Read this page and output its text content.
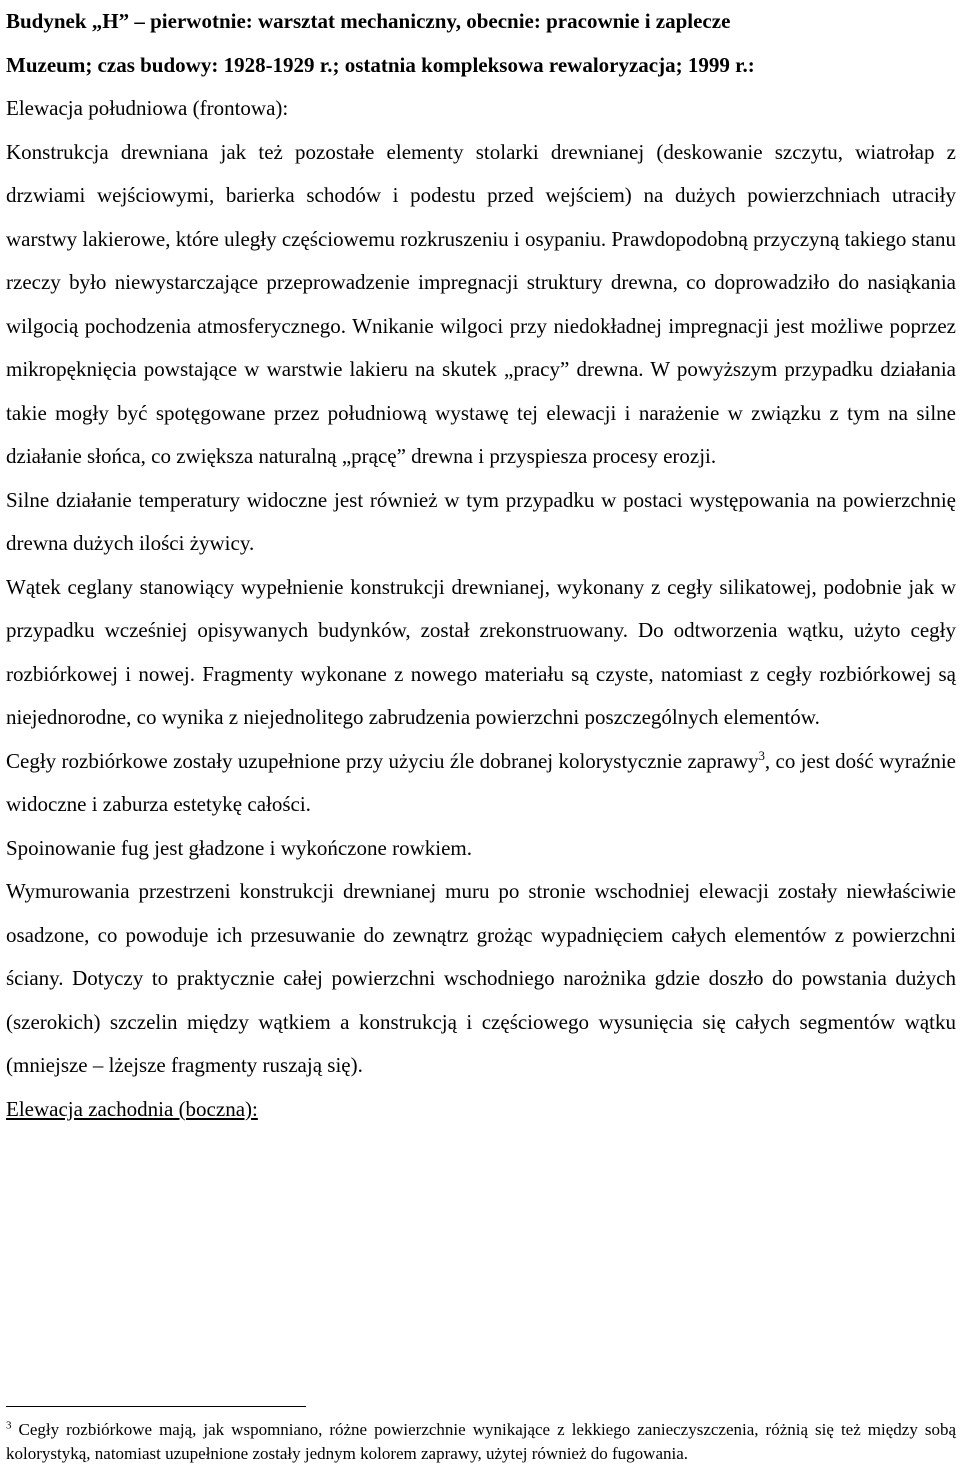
Budynek „H” – pierwotnie: warsztat mechaniczny, obecnie: pracownie i zaplecze
Muzeum; czas budowy: 1928-1929 r.; ostatnia kompleksowa rewaloryzacja; 1999 r.:

Elewacja południowa (frontowa):

Konstrukcja drewniana jak też pozostałe elementy stolarki drewnianej (deskowanie szczytu, wiatrołap z drzwiami wejściowymi, barierka schodów i podestu przed wejściem) na dużych powierzchniach utraciły warstwy lakierowe, które uległy częściowemu rozkruszeniu i osypaniu. Prawdopodobną przyczyną takiego stanu rzeczy było niewystarczające przeprowadzenie impregnacji struktury drewna, co doprowadziło do nasiąkania wilgocią pochodzenia atmosferycznego. Wnikanie wilgoci przy niedokładnej impregnacji jest możliwe poprzez mikropęknięcia powstające w warstwie lakieru na skutek „pracy” drewna. W powyższym przypadku działania takie mogły być spotęgowane przez południową wystawę tej elewacji i narażenie w związku z tym na silne działanie słońca, co zwiększa naturalną „prącę” drewna i przyspiesza procesy erozji.

Silne działanie temperatury widoczne jest również w tym przypadku w postaci występowania na powierzchnię drewna dużych ilości żywicy.

Wątek ceglany stanowiący wypełnienie konstrukcji drewnianej, wykonany z cegły silikatowej, podobnie jak w przypadku wcześniej opisywanych budynków, został zrekonstruowany. Do odtworzenia wątku, użyto cegły rozbiórkowej i nowej. Fragmenty wykonane z nowego materiału są czyste, natomiast z cegły rozbiórkowej są niejednorodne, co wynika z niejednolitego zabrudzenia powierzchni poszczególnych elementów.

Cegły rozbiórkowe zostały uzupełnione przy użyciu źle dobranej kolorystycznie zaprawy$^3$, co jest dość wyraźnie widoczne i zaburza estetykę całości.

Spoinowanie fug jest gładzone i wykończone rowkiem.

Wymurowania przestrzeni konstrukcji drewnianej muru po stronie wschodniej elewacji zostały niewłaściwie osadzone, co powoduje ich przesuwanie do zewnątrz grożąc wypadnięciem całych elementów z powierzchni ściany. Dotyczy to praktycznie całej powierzchni wschodniego narożnika gdzie doszło do powstania dużych (szerokich) szczelin między wątkiem a konstrukcją i częściowego wysunięcia się całych segmentów wątku (mniejsze – lżejsze fragmenty ruszają się).

Elewacja zachodnia (boczna):

$^3$ Cegły rozbiórkowe mają, jak wspomniano, różne powierzchnie wynikające z lekkiego zanieczyszczenia, różnią się też między sobą kolorystyką, natomiast uzupełnione zostały jednym kolorem zaprawy, użytej również do fugowania.
